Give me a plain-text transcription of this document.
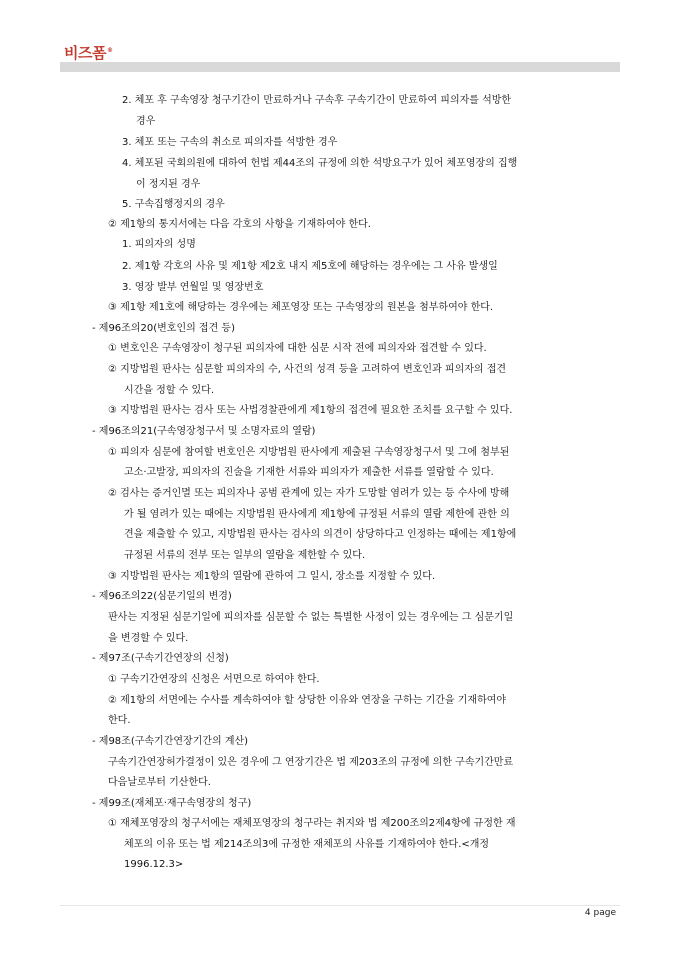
비즈폼®
2. 체포 후 구속영장 청구기간이 만료하거나 구속후 구속기간이 만료하여 피의자를 석방한
경우
3. 체포 또는 구속의 취소로 피의자를 석방한 경우
4. 체포된 국회의원에 대하여 헌법 제44조의 규정에 의한 석방요구가 있어 체포영장의 집행
이 정지된 경우
5. 구속집행정지의 경우
② 제1항의 통지서에는 다음 각호의 사항을 기재하여야 한다.
1. 피의자의 성명
2. 제1항 각호의 사유 및 제1항 제2호 내지 제5호에 해당하는 경우에는 그 사유 발생일
3. 영장 발부 연월일 및 영장번호
③ 제1항 제1호에 해당하는 경우에는 체포영장 또는 구속영장의 원본을 첨부하여야 한다.
- 제96조의20(변호인의 접견 등)
① 변호인은 구속영장이 청구된 피의자에 대한 심문 시작 전에 피의자와 접견할 수 있다.
② 지방법원 판사는 심문할 피의자의 수, 사건의 성격 등을 고려하여 변호인과 피의자의 접견
시간을 정할 수 있다.
③ 지방법원 판사는 검사 또는 사법경찰관에게 제1항의 접견에 필요한 조치를 요구할 수 있다.
- 제96조의21(구속영장청구서 및 소명자료의 열람)
① 피의자 심문에 참여할 변호인은 지방법원 판사에게 제출된 구속영장청구서 및 그에 첨부된
고소·고발장, 피의자의 진술을 기재한 서류와 피의자가 제출한 서류를 열람할 수 있다.
② 검사는 증거인멸 또는 피의자나 공범 관계에 있는 자가 도망할 염려가 있는 등 수사에 방해
가 될 염려가 있는 때에는 지방법원 판사에게 제1항에 규정된 서류의 열람 제한에 관한 의
견을 제출할 수 있고, 지방법원 판사는 검사의 의견이 상당하다고 인정하는 때에는 제1항에
규정된 서류의 전부 또는 일부의 열람을 제한할 수 있다.
③ 지방법원 판사는 제1항의 열람에 관하여 그 일시, 장소를 지정할 수 있다.
- 제96조의22(심문기일의 변경)
판사는 지정된 심문기일에 피의자를 심문할 수 없는 특별한 사정이 있는 경우에는 그 심문기일
을 변경할 수 있다.
- 제97조(구속기간연장의 신청)
① 구속기간연장의 신청은 서면으로 하여야 한다.
② 제1항의 서면에는 수사를 계속하여야 할 상당한 이유와 연장을 구하는 기간을 기재하여야
한다.
- 제98조(구속기간연장기간의 계산)
구속기간연장허가결정이 있은 경우에 그 연장기간은 법 제203조의 규정에 의한 구속기간만료
다음날로부터 기산한다.
- 제99조(재체포·재구속영장의 청구)
① 재체포영장의 청구서에는 재체포영장의 청구라는 취지와 법 제200조의2제4항에 규정한 재
체포의 이유 또는 법 제214조의3에 규정한 재체포의 사유를 기재하여야 한다.<개정
1996.12.3>
4 page
